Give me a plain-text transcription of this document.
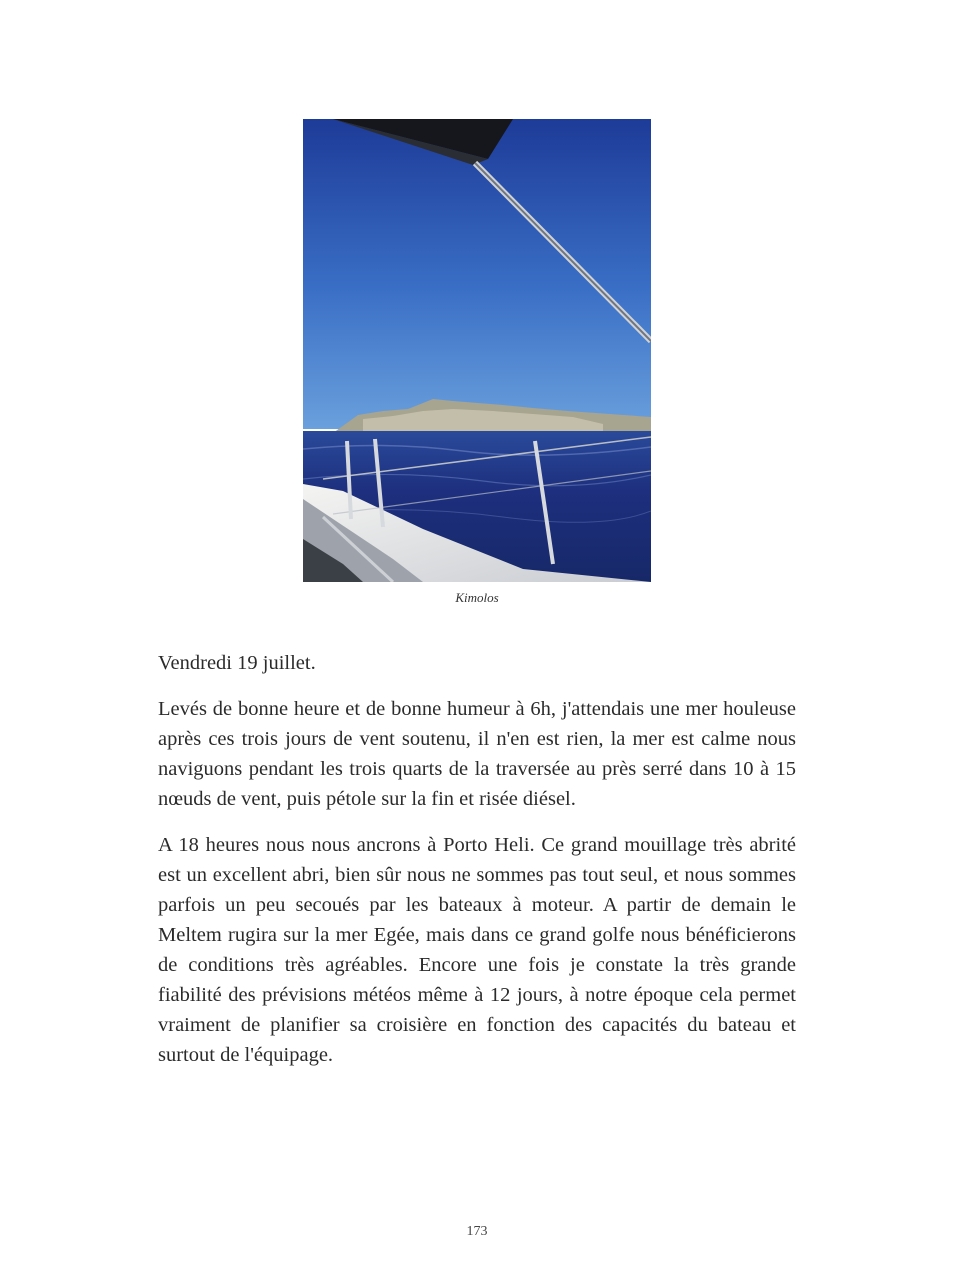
Kimolos

Vendredi 19 juillet.

Levés de bonne heure et de bonne humeur à 6h, j'attendais une mer houleuse après ces trois jours de vent soutenu, il n'en est rien, la mer est calme nous naviguons pendant les trois quarts de la traversée au près serré dans 10 à 15 nœuds de vent, puis pétole sur la fin et risée diésel.

A 18 heures nous nous ancrons à Porto Heli. Ce grand mouillage très abrité est un excellent abri, bien sûr nous ne sommes pas tout seul, et nous sommes parfois un peu secoués par les bateaux à moteur. A partir de demain le Meltem rugira sur la mer Egée, mais dans ce grand golfe nous bénéficierons de conditions très agréables. Encore une fois je constate la très grande fiabilité des prévisions météos même à 12 jours, à notre époque cela permet vraiment de planifier sa croisière en fonction des capacités du bateau et surtout de l'équipage.

173
